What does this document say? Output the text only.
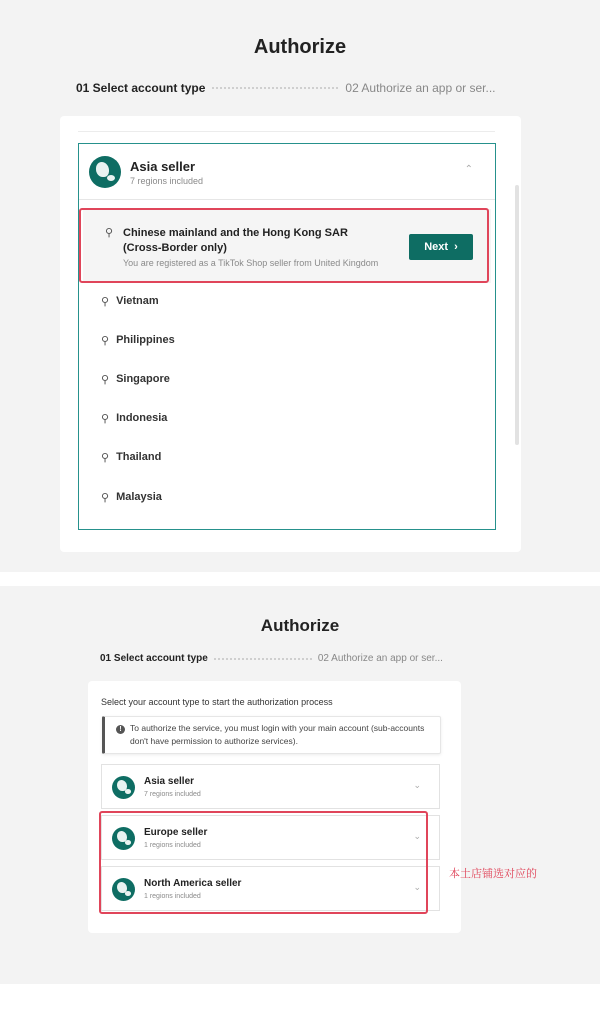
Authorize
01 Select account type	02 Authorize an app or ser...
Asia seller
7 regions included
⌃
⚲ Chinese mainland and the Hong Kong SAR (Cross-Border only)
You are registered as a TikTok Shop seller from United Kingdom
Next ›
⚲ Vietnam
⚲ Philippines
⚲ Singapore
⚲ Indonesia
⚲ Thailand
⚲ Malaysia
Authorize
01 Select account type	02 Authorize an app or ser...
Select your account type to start the authorization process
! To authorize the service, you must login with your main account (sub-accounts don't have permission to authorize services).
Asia seller
7 regions included
⌄
Europe seller
1 regions included
⌄
North America seller
1 regions included
⌄
本土店铺选对应的
